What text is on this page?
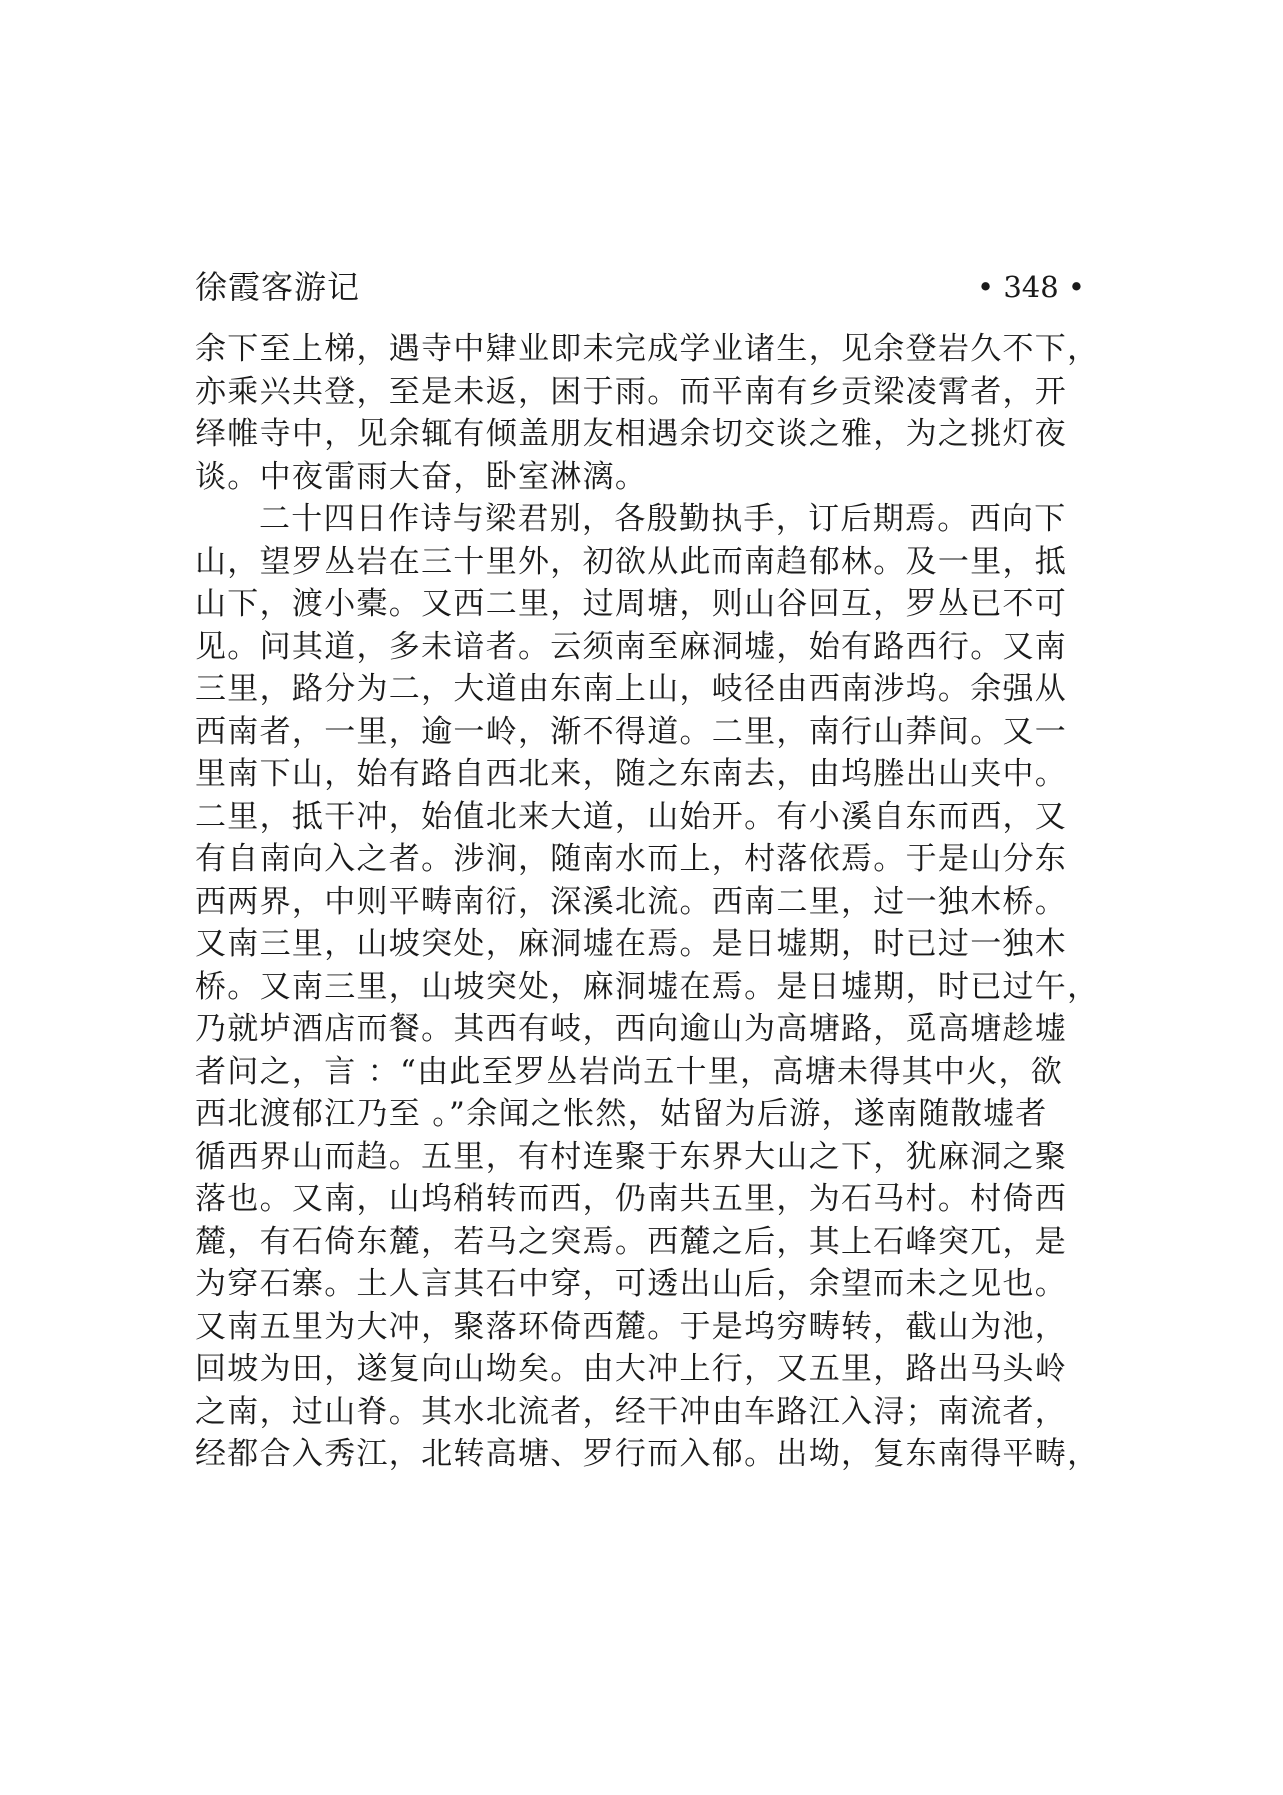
徐霞客游记	• 348 •
余下至上梯，遇寺中肄业即未完成学业诸生，见余登岩久不下，
亦乘兴共登，至是未返，困于雨。而平南有乡贡梁凌霄者，开
绎帷寺中，见余辄有倾盖朋友相遇余切交谈之雅，为之挑灯夜
谈。中夜雷雨大奋，卧室淋漓。
二十四日作诗与梁君别，各殷勤执手，订后期焉。西向下
山，望罗丛岩在三十里外，初欲从此而南趋郁林。及一里，抵
山下，渡小橐。又西二里，过周塘，则山谷回互，罗丛已不可
见。问其道，多未谙者。云须南至麻洞墟，始有路西行。又南
三里，路分为二，大道由东南上山，岐径由西南涉坞。余强从
西南者，一里，逾一岭，渐不得道。二里，南行山莽间。又一
里南下山，始有路自西北来，随之东南去，由坞塍出山夹中。
二里，抵干冲，始值北来大道，山始开。有小溪自东而西，又
有自南向入之者。涉涧，随南水而上，村落依焉。于是山分东
西两界，中则平畴南衍，深溪北流。西南二里，过一独木桥。
又南三里，山坡突处，麻洞墟在焉。是日墟期，时已过一独木
桥。又南三里，山坡突处，麻洞墟在焉。是日墟期，时已过午，
乃就垆酒店而餐。其西有岐，西向逾山为高塘路，觅高塘趁墟
者问之，言 ：“由此至罗丛岩尚五十里，高塘未得其中火，欲
西北渡郁江乃至 。”余闻之怅然，姑留为后游，遂南随散墟者
循西界山而趋。五里，有村连聚于东界大山之下，犹麻洞之聚
落也。又南，山坞稍转而西，仍南共五里，为石马村。村倚西
麓，有石倚东麓，若马之突焉。西麓之后，其上石峰突兀，是
为穿石寨。土人言其石中穿，可透出山后，余望而未之见也。
又南五里为大冲，聚落环倚西麓。于是坞穷畴转，截山为池，
回坡为田，遂复向山坳矣。由大冲上行，又五里，路出马头岭
之南，过山脊。其水北流者，经干冲由车路江入浔；南流者，
经都合入秀江，北转高塘、罗行而入郁。出坳，复东南得平畴，
